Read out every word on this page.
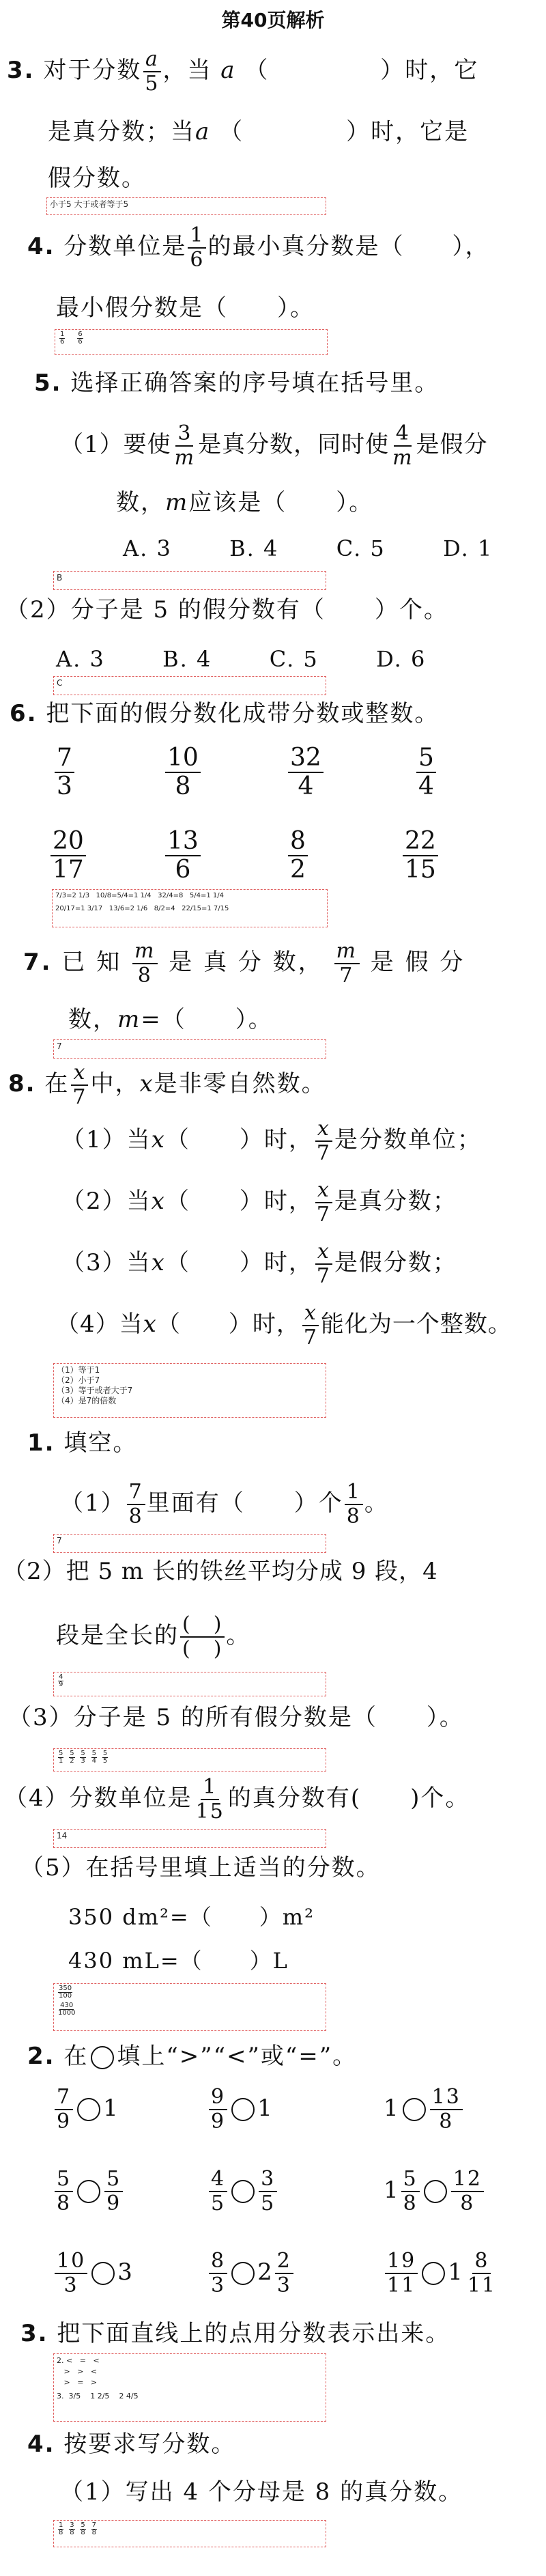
第40页解析
3. 对于分数 $\frac{a}{5}$ ，当 a （	）时，它
是真分数；当a （	）时，它是
假分数。
小于5 大于或者等于5
4. 分数单位是 $\frac{1}{6}$ 的最小真分数是（ ），
最小假分数是（　　）。
$\frac{1}{6}$
$\frac{6}{6}$
5. 选择正确答案的序号填在括号里。
（1）要使 $\frac{3}{m}$ 是真分数，同时使 $\frac{4}{m}$ 是假分
数，m应该是（　　）。
A. 3	B. 4	C. 5	D. 1
B
（2）分子是 5 的假分数有（　　）个。
A. 3	B. 4	C. 5	D. 6
C
6. 把下面的假分数化成带分数或整数。
$\frac{7}{3}$	$\frac{10}{8}$	$\frac{32}{4}$	$\frac{5}{4}$
$\frac{20}{17}$	$\frac{13}{6}$	$\frac{8}{2}$	$\frac{22}{15}$
7/3=2 1/3 10/8=5/4=1 1/4 32/4=8 5/4=1 1/4
20/17=1 3/17 13/6=2 1/6 8/2=4 22/15=1 7/15
7. 已 知 $\frac{m}{8}$ 是 真 分 数， $\frac{m}{7}$ 是 假 分
数，m=（　　）。
7
8. 在 $\frac{x}{7}$ 中，x是非零自然数。
（1）当x（　　）时， $\frac{x}{7}$ 是分数单位；
（2）当x（　　）时， $\frac{x}{7}$ 是真分数；
（3）当x（　　）时， $\frac{x}{7}$ 是假分数；
（4）当x（　　）时， $\frac{x}{7}$ 能化为一个整数。
（1）等于1
（2）小于7
（3）等于或者大于7
（4）是7的倍数
1. 填空。
$(1) \frac{7}{8}$ 里面有（　　）个 $\frac{1}{8}$ 。
7
（2）把 5 m 长的铁丝平均分成 9 段，4
段是全长的 $\frac{( )}{( )}$ 。
$\frac{4}{9}$
（3）分子是 5 的所有假分数是（　　）。
$\frac{5}{1}$
$\frac{5}{2}$
$\frac{5}{3}$
$\frac{5}{4}$
$\frac{5}{5}$
（4）分数单位是 $\frac{1}{15}$ 的真分数有(　　)个。
14
（5）在括号里填上适当的分数。
350 dm²=（　　）m²
430 mL=（　　）L
$\frac{350}{100}$

$\frac{430}{1000}$
2. 在 填上“>”“<”或“=”。
$\frac{7}{9} 1$	$\frac{9}{9} 1$	$1 \frac{13}{8}$
$\frac{5}{8} \frac{5}{9}$	$\frac{4}{5} \frac{3}{5}$	$1 \frac{5}{8} \frac{12}{8}$
$\frac{10}{3} 3$	$\frac{8}{3} 2 \frac{2}{3}$	$\frac{19}{11} 1 \frac{8}{11}$
3. 把下面直线上的点用分数表示出来。
2. <   =   <
>   >   <
>   =   >
3. 3/5 1 2/5 2 4/5
4. 按要求写分数。
（1）写出 4 个分母是 8 的真分数。
$\frac{1}{8}$
$\frac{3}{8}$
$\frac{5}{8}$
$\frac{7}{8}$
